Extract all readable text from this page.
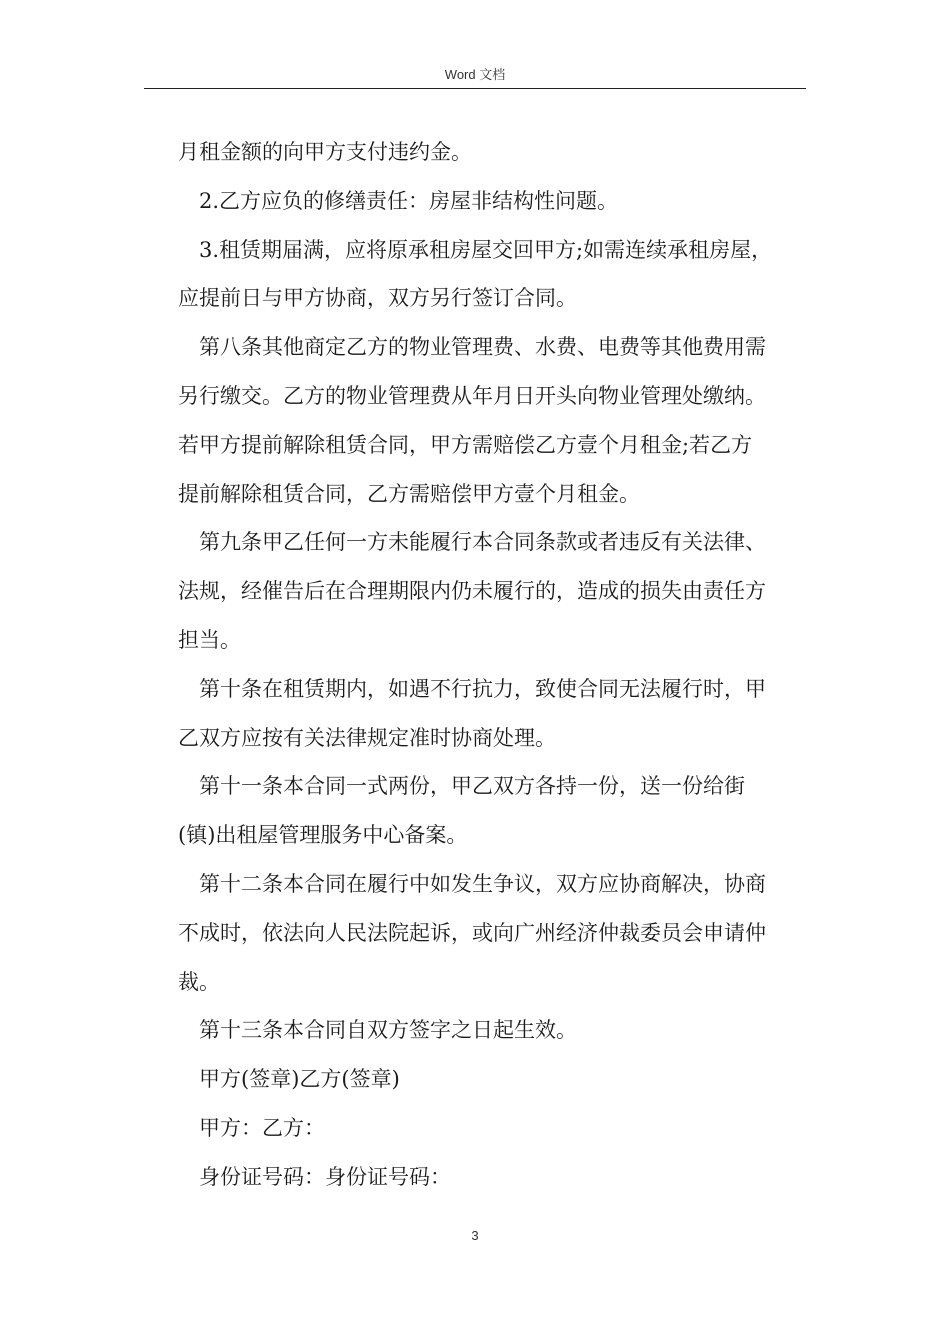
Word 文档
月租金额的向甲方支付违约金。
2.乙方应负的修缮责任：房屋非结构性问题。
3.租赁期届满，应将原承租房屋交回甲方;如需连续承租房屋，
应提前日与甲方协商，双方另行签订合同。
第八条其他商定乙方的物业管理费、水费、电费等其他费用需
另行缴交。乙方的物业管理费从年月日开头向物业管理处缴纳。
若甲方提前解除租赁合同，甲方需赔偿乙方壹个月租金;若乙方
提前解除租赁合同，乙方需赔偿甲方壹个月租金。
第九条甲乙任何一方未能履行本合同条款或者违反有关法律、
法规，经催告后在合理期限内仍未履行的，造成的损失由责任方
担当。
第十条在租赁期内，如遇不行抗力，致使合同无法履行时，甲
乙双方应按有关法律规定准时协商处理。
第十一条本合同一式两份，甲乙双方各持一份，送一份给街
(镇)出租屋管理服务中心备案。
第十二条本合同在履行中如发生争议，双方应协商解决，协商
不成时，依法向人民法院起诉，或向广州经济仲裁委员会申请仲
裁。
第十三条本合同自双方签字之日起生效。
甲方(签章)乙方(签章)
甲方：乙方：
身份证号码：身份证号码：
3
